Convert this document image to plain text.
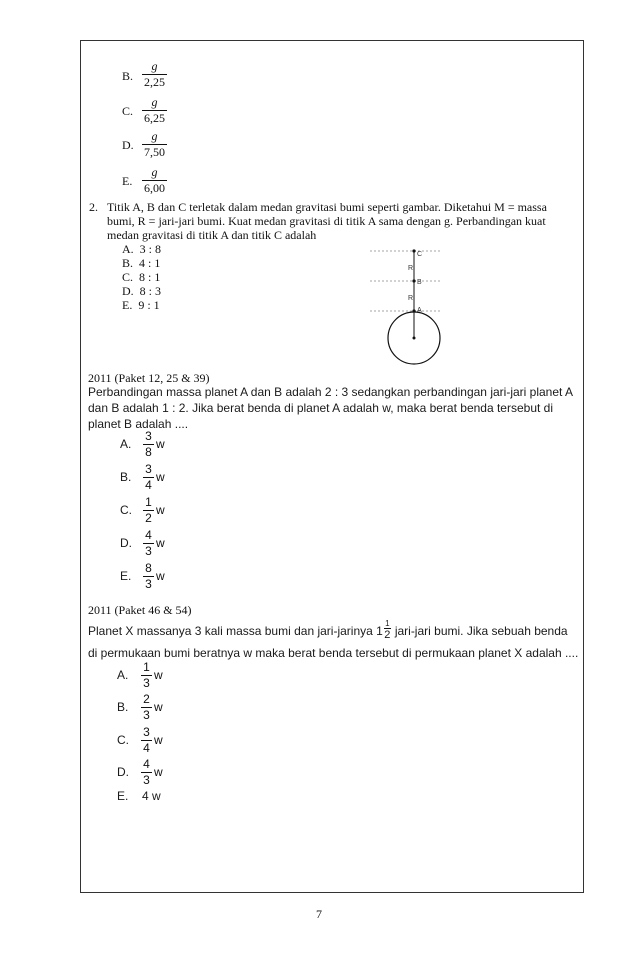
B.
g
2,25
C.
g
6,25
D.
g
7,50
E.
g
6,00
2. Titik A, B dan C terletak dalam medan gravitasi bumi seperti gambar. Diketahui M = massa
bumi, R = jari-jari bumi. Kuat medan gravitasi di titik A sama dengan g. Perbandingan kuat
medan gravitasi di titik A dan titik C adalah
A. 3 : 8
B. 4 : 1
C. 8 : 1
D. 8 : 3
E. 9 : 1
C
B
A
R
R
2011 (Paket 12, 25 & 39)
Perbandingan massa planet A dan B adalah 2 : 3 sedangkan perbandingan jari-jari planet A
dan B adalah 1 : 2. Jika berat benda di planet A adalah w, maka berat benda tersebut di
planet B adalah ....
A.
3
8
w
B.
3
4
w
C.
1
2
w
D.
4
3
w
E.
8
3
w
2011 (Paket 46 & 54)
Planet X massanya 3 kali massa bumi dan jari-jarinya 1 1
2 jari-jari bumi. Jika sebuah benda
di permukaan bumi beratnya w maka berat benda tersebut di permukaan planet X adalah ....
A.
1
3
w
B.
2
3
w
C.
3
4
w
D.
4
3
w
E. 4 w
7
